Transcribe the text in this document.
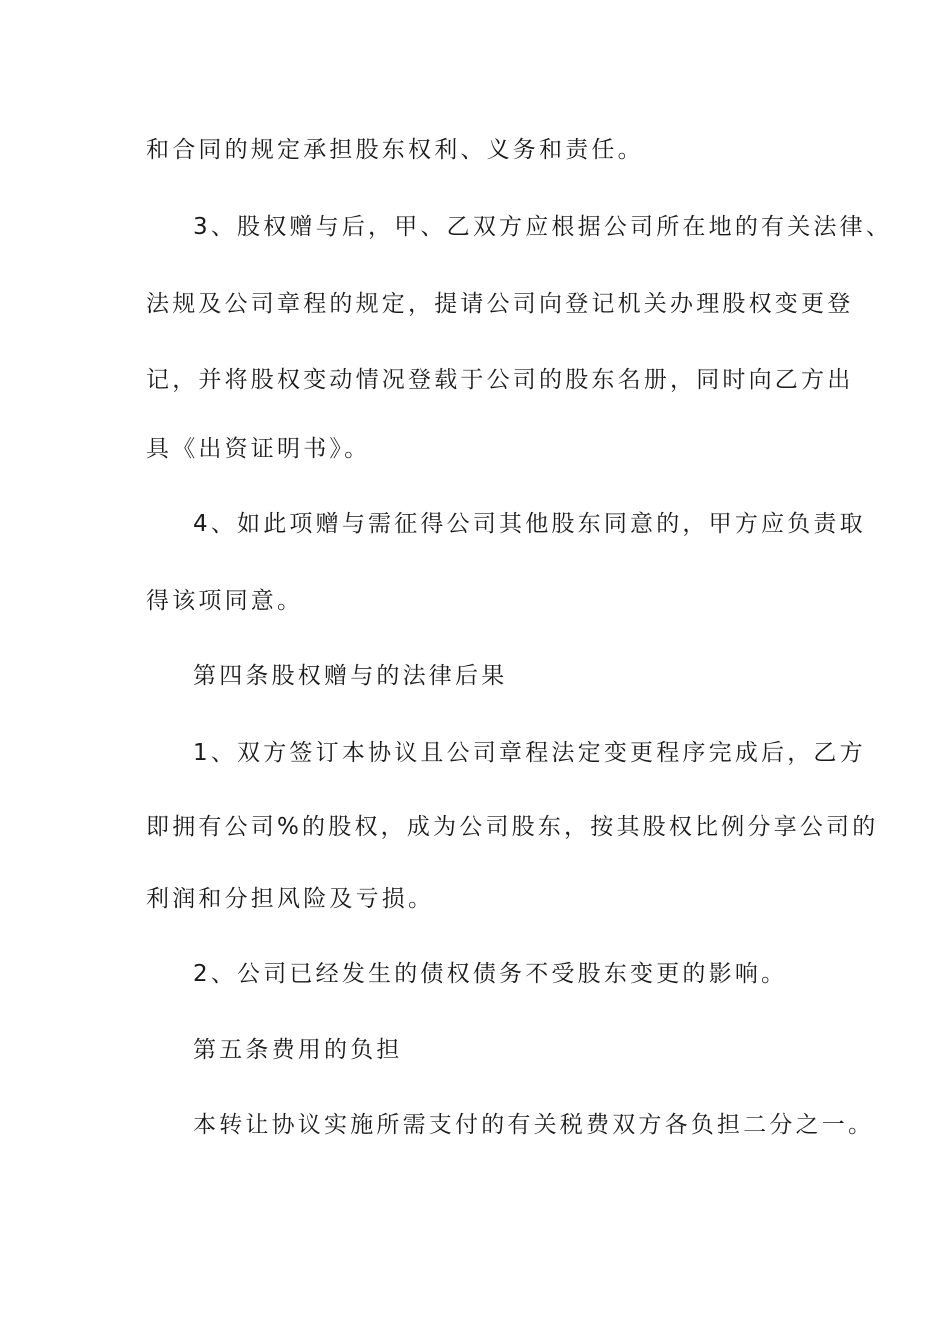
和合同的规定承担股东权利、义务和责任。
3、股权赠与后，甲、乙双方应根据公司所在地的有关法律、
法规及公司章程的规定，提请公司向登记机关办理股权变更登
记，并将股权变动情况登载于公司的股东名册，同时向乙方出
具《出资证明书》。
4、如此项赠与需征得公司其他股东同意的，甲方应负责取
得该项同意。
第四条股权赠与的法律后果
1、双方签订本协议且公司章程法定变更程序完成后，乙方
即拥有公司%的股权，成为公司股东，按其股权比例分享公司的
利润和分担风险及亏损。
2、公司已经发生的债权债务不受股东变更的影响。
第五条费用的负担
本转让协议实施所需支付的有关税费双方各负担二分之一。
